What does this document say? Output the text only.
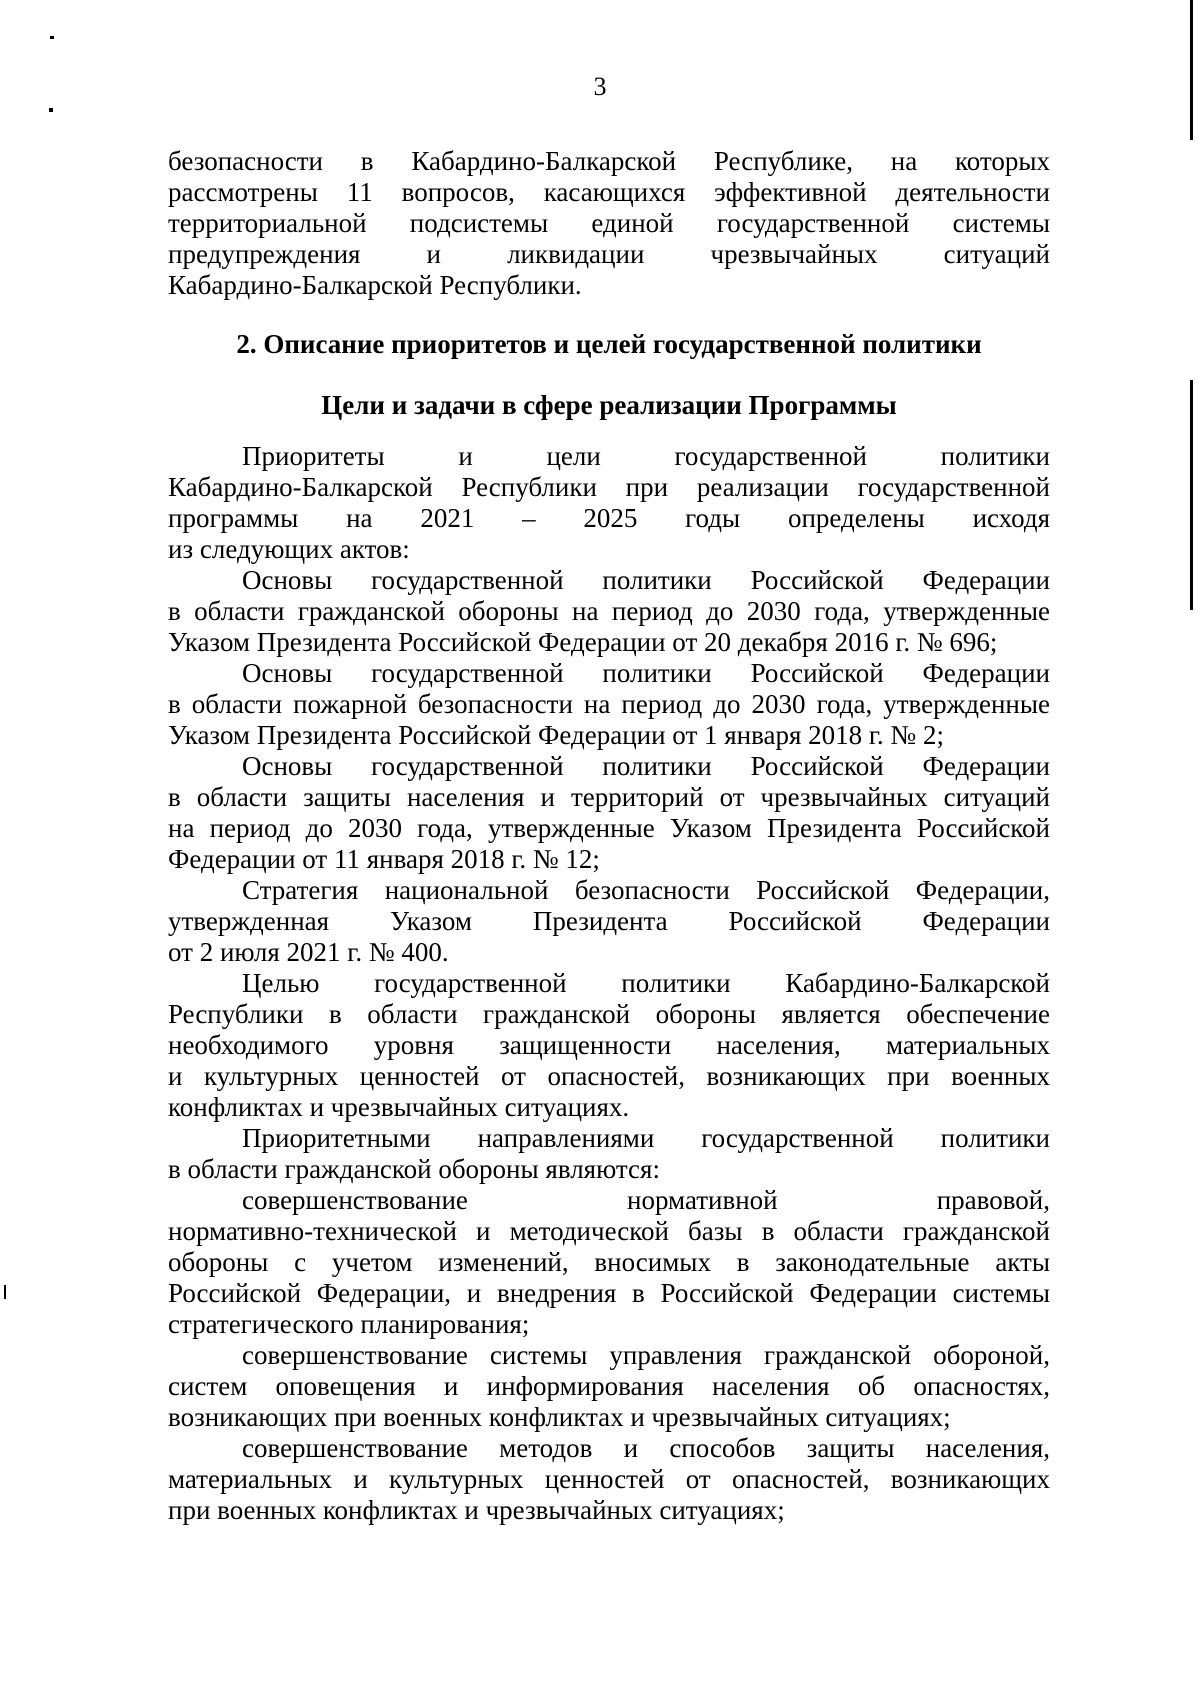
3

безопасности в Кабардино-Балкарской Республике, на которых
рассмотрены 11 вопросов, касающихся эффективной деятельности
территориальной подсистемы единой государственной системы
предупреждения и ликвидации чрезвычайных ситуаций
Кабардино-Балкарской Республики.

2. Описание приоритетов и целей государственной политики
Цели и задачи в сфере реализации Программы

Приоритеты и цели государственной политики
Кабардино-Балкарской Республики при реализации государственной
программы на 2021 – 2025 годы определены исходя
из следующих актов:

Основы государственной политики Российской Федерации
в области гражданской обороны на период до 2030 года, утвержденные
Указом Президента Российской Федерации от 20 декабря 2016 г. № 696;

Основы государственной политики Российской Федерации
в области пожарной безопасности на период до 2030 года, утвержденные
Указом Президента Российской Федерации от 1 января 2018 г. № 2;

Основы государственной политики Российской Федерации
в области защиты населения и территорий от чрезвычайных ситуаций
на период до 2030 года, утвержденные Указом Президента Российской
Федерации от 11 января 2018 г. № 12;

Стратегия национальной безопасности Российской Федерации,
утвержденная Указом Президента Российской Федерации
от 2 июля 2021 г. № 400.

Целью государственной политики Кабардино-Балкарской
Республики в области гражданской обороны является обеспечение
необходимого уровня защищенности населения, материальных
и культурных ценностей от опасностей, возникающих при военных
конфликтах и чрезвычайных ситуациях.

Приоритетными направлениями государственной политики
в области гражданской обороны являются:

совершенствование нормативной правовой,
нормативно-технической и методической базы в области гражданской
обороны с учетом изменений, вносимых в законодательные акты
Российской Федерации, и внедрения в Российской Федерации системы
стратегического планирования;

совершенствование системы управления гражданской обороной,
систем оповещения и информирования населения об опасностях,
возникающих при военных конфликтах и чрезвычайных ситуациях;

совершенствование методов и способов защиты населения,
материальных и культурных ценностей от опасностей, возникающих
при военных конфликтах и чрезвычайных ситуациях;
